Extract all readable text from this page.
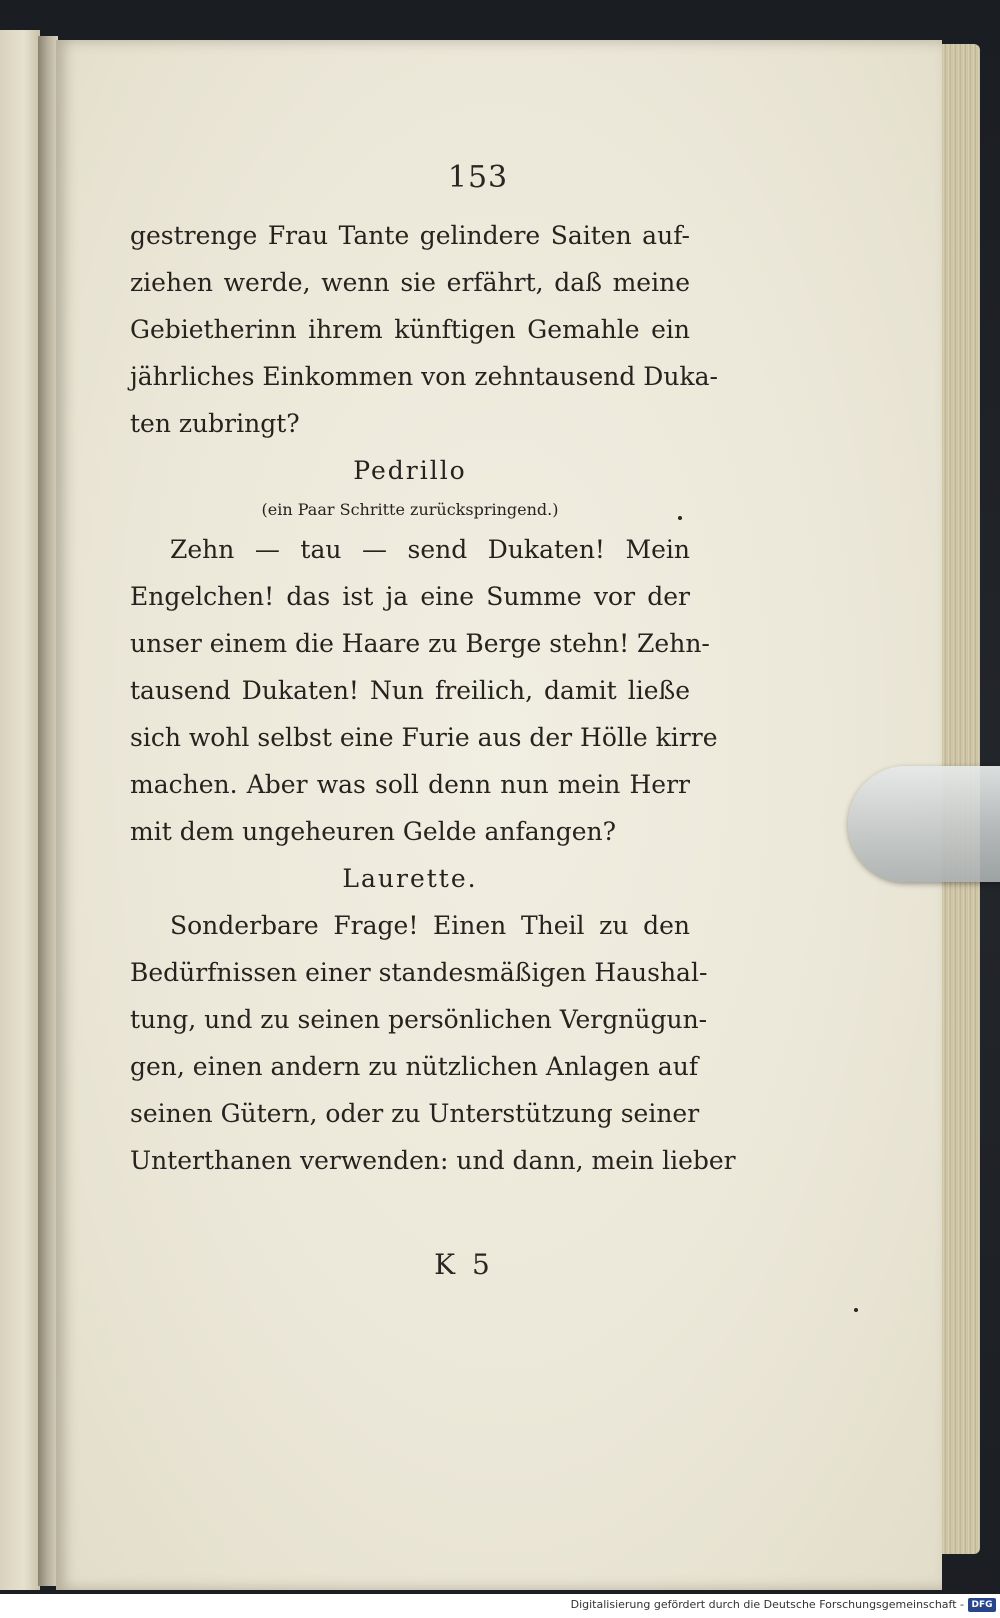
153
gestrenge Frau Tante gelindere Saiten auf-
ziehen werde, wenn sie erfährt, daß meine
Gebietherinn ihrem künftigen Gemahle ein
jährliches Einkommen von zehntausend Duka-
ten zubringt?
Pedrillo
(ein Paar Schritte zurückspringend.)
Zehn — tau — send Dukaten! Mein
Engelchen! das ist ja eine Summe vor der
unser einem die Haare zu Berge stehn! Zehn-
tausend Dukaten! Nun freilich, damit ließe
sich wohl selbst eine Furie aus der Hölle kirre
machen. Aber was soll denn nun mein Herr
mit dem ungeheuren Gelde anfangen?
Laurette.
Sonderbare Frage! Einen Theil zu den
Bedürfnissen einer standesmäßigen Haushal-
tung, und zu seinen persönlichen Vergnügun-
gen, einen andern zu nützlichen Anlagen auf
seinen Gütern, oder zu Unterstützung seiner
Unterthanen verwenden: und dann, mein lieber
K 5
Digitalisierung gefördert durch die Deutsche Forschungsgemeinschaft - DFG
